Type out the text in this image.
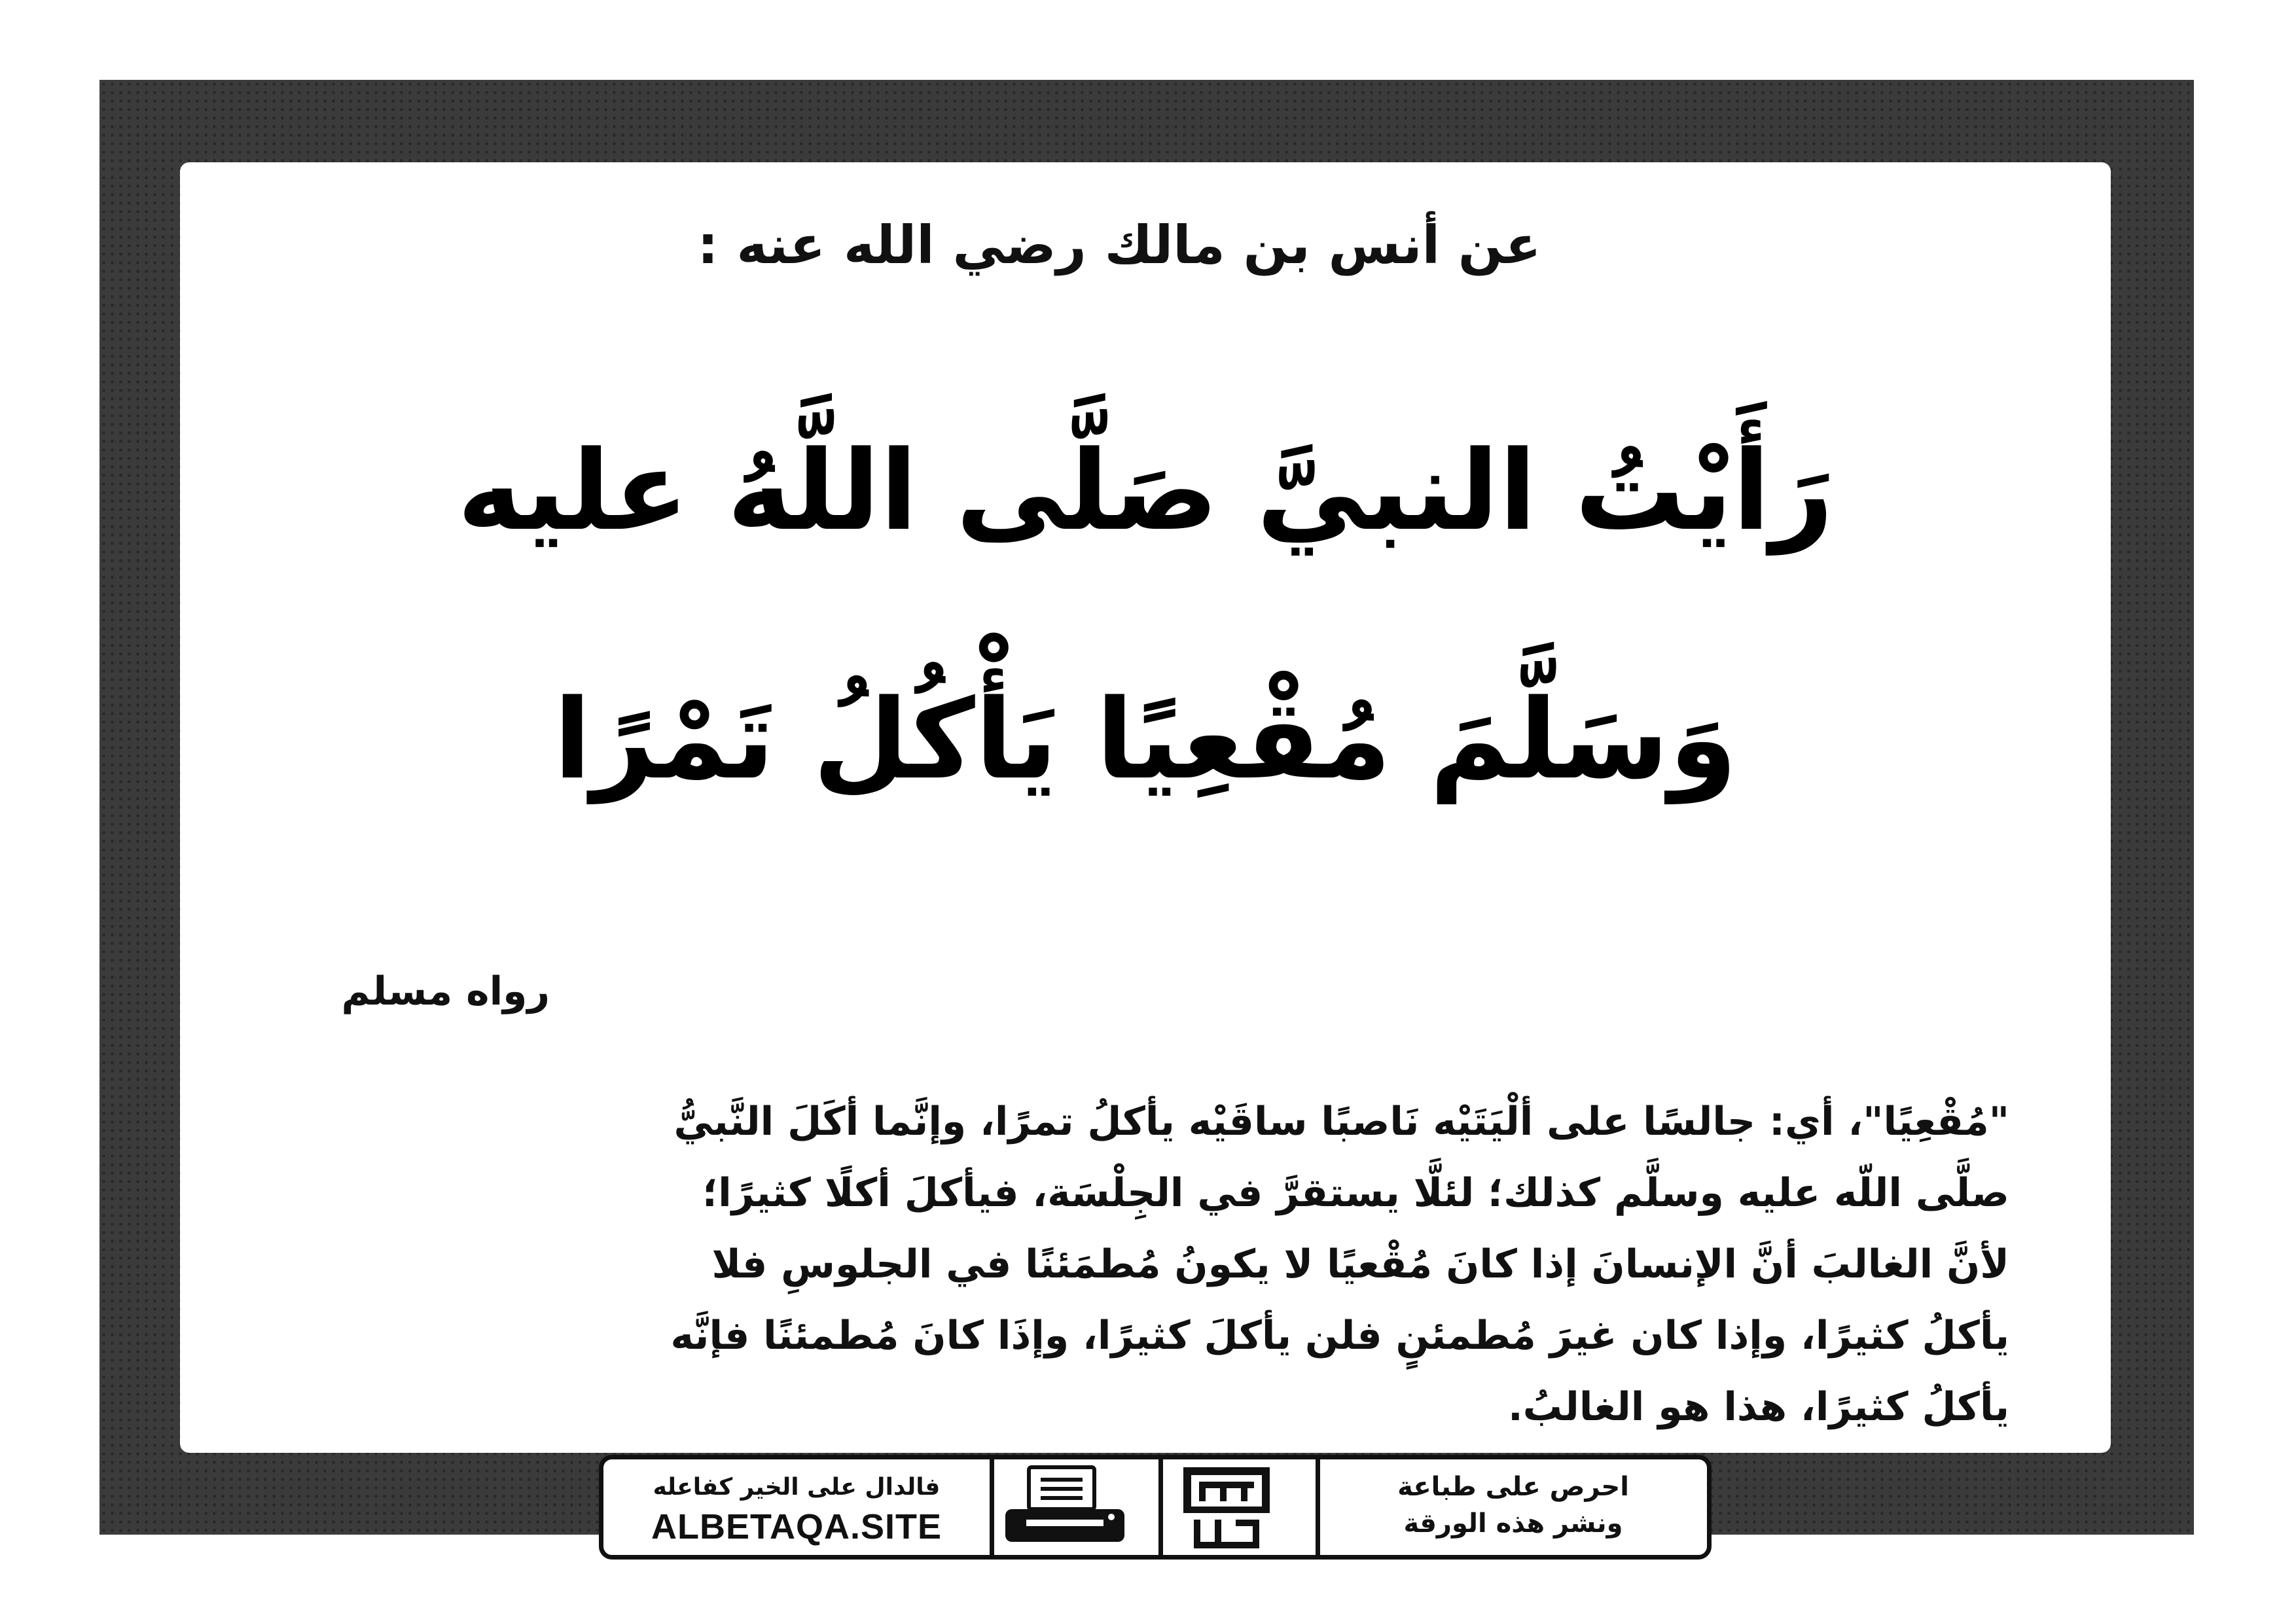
عن أنس بن مالك رضي الله عنه :
رَأَيْتُ النبيَّ صَلَّى اللَّهُ عليه
وَسَلَّمَ مُقْعِيًا يَأْكُلُ تَمْرًا
رواه مسلم
"مُقْعِيًا"، أي: جالسًا على ألْيَتَيْه نَاصبًا ساقَيْه يأكلُ تمرًا، وإنَّما أكَلَ النَّبيُّ
صلَّى اللّه عليه وسلَّم كذلك؛ لئلَّا يستقرَّ في الجِلْسَة، فيأكلَ أكلًا كثيرًا؛
لأنَّ الغالبَ أنَّ الإنسانَ إذا كانَ مُقْعيًا لا يكونُ مُطمَئنًا في الجلوسِ فلا
يأكلُ كثيرًا، وإذا كان غيرَ مُطمئنٍ فلن يأكلَ كثيرًا، وإذَا كانَ مُطمئنًا فإنَّه
يأكلُ كثيرًا، هذا هو الغالبُ.
فالدال على الخير كفاعله
ALBETAQA.SITE
احرص على طباعة
ونشر هذه الورقة
